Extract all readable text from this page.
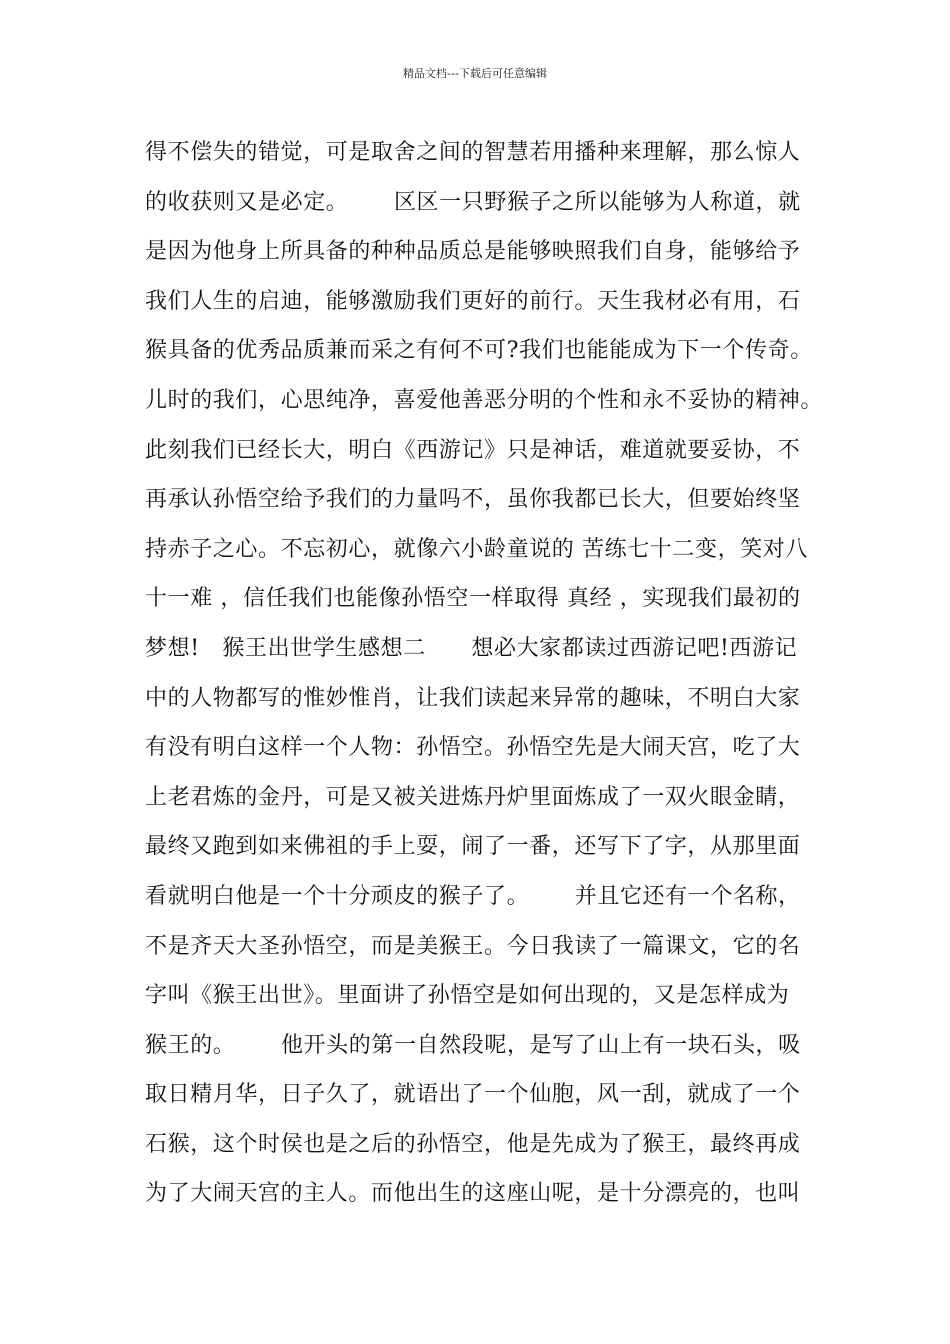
精品文档---下载后可任意编辑
得不偿失的错觉，可是取舍之间的智慧若用播种来理解，那么惊人
的收获则又是必定。      区区一只野猴子之所以能够为人称道，就
是因为他身上所具备的种种品质总是能够映照我们自身，能够给予
我们人生的启迪，能够激励我们更好的前行。天生我材必有用，石
猴具备的优秀品质兼而采之有何不可?我们也能能成为下一个传奇。
儿时的我们，心思纯净，喜爱他善恶分明的个性和永不妥协的精神。
此刻我们已经长大，明白《西游记》只是神话，难道就要妥协，不
再承认孙悟空给予我们的力量吗不，虽你我都已长大，但要始终坚
持赤子之心。不忘初心，就像六小龄童说的 苦练七十二变，笑对八
十一难 ，信任我们也能像孙悟空一样取得 真经 ，实现我们最初的
梦想!   猴王出世学生感想二      想必大家都读过西游记吧!西游记
中的人物都写的惟妙惟肖，让我们读起来异常的趣味，不明白大家
有没有明白这样一个人物：孙悟空。孙悟空先是大闹天宫，吃了大
上老君炼的金丹，可是又被关进炼丹炉里面炼成了一双火眼金睛，
最终又跑到如来佛祖的手上耍，闹了一番，还写下了字，从那里面
看就明白他是一个十分顽皮的猴子了。      并且它还有一个名称，
不是齐天大圣孙悟空，而是美猴王。今日我读了一篇课文，它的名
字叫《猴王出世》。里面讲了孙悟空是如何出现的，又是怎样成为
猴王的。      他开头的第一自然段呢，是写了山上有一块石头，吸
取日精月华，日子久了，就语出了一个仙胞，风一刮，就成了一个
石猴，这个时侯也是之后的孙悟空，他是先成为了猴王，最终再成
为了大闹天宫的主人。而他出生的这座山呢，是十分漂亮的，也叫
